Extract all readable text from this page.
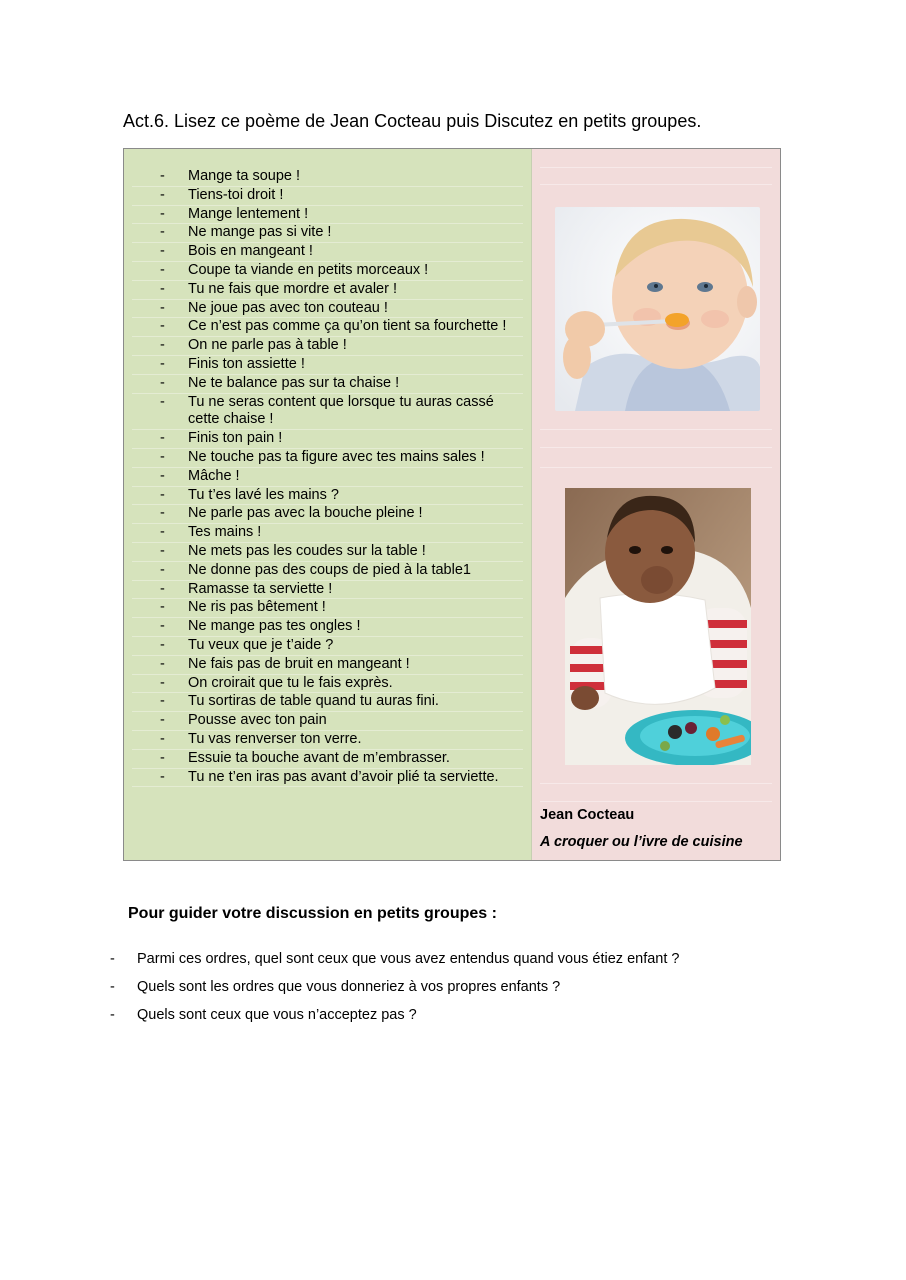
Act.6. Lisez ce poème de Jean Cocteau puis Discutez en petits groupes.
-	Mange ta soupe !
-	Tiens-toi droit !
-	Mange lentement !
-	Ne mange pas si vite !
-	Bois en mangeant !
-	Coupe ta viande en petits morceaux !
-	Tu ne fais que mordre et avaler !
-	Ne joue pas avec ton couteau !
-	Ce n’est pas comme ça qu’on tient sa fourchette !
-	On ne parle pas à table !
-	Finis ton assiette !
-	Ne te balance pas sur ta chaise !
-	Tu ne seras content que lorsque tu auras cassé cette chaise !
-	Finis ton pain !
-	Ne touche pas ta figure avec tes mains sales !
-	Mâche !
-	Tu t’es lavé les mains ?
-	Ne parle pas avec la bouche pleine !
-	Tes mains !
-	Ne mets pas les coudes sur la table !
-	Ne donne pas des coups de pied à la table1
-	Ramasse ta serviette !
-	Ne ris pas bêtement !
-	Ne mange pas tes ongles !
-	Tu veux que je t’aide ?
-	Ne fais pas de bruit en mangeant !
-	On croirait que tu le fais exprès.
-	Tu sortiras de table quand tu auras fini.
-	Pousse avec ton pain
-	Tu vas renverser ton verre.
-	Essuie ta bouche avant de m’embrasser.
-	Tu ne t’en iras pas avant d’avoir plié ta serviette.
Jean Cocteau
A croquer ou l’ivre de cuisine
Pour guider votre discussion en petits groupes :
-	Parmi ces ordres, quel sont ceux que vous avez entendus quand vous étiez enfant ?
-	Quels sont les ordres que vous donneriez à vos propres enfants ?
-	Quels sont ceux que vous n’acceptez pas ?
